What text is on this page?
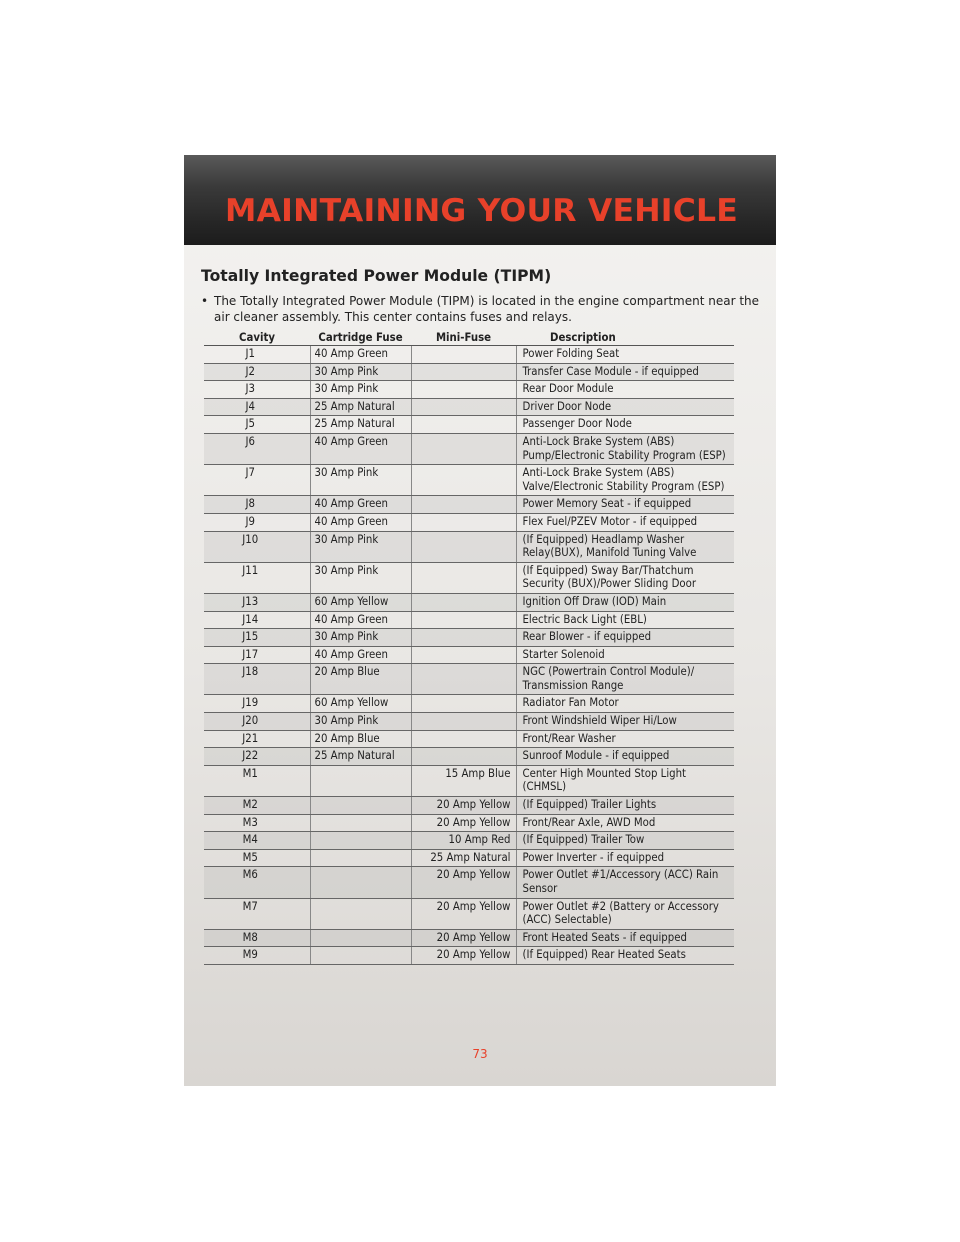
MAINTAINING YOUR VEHICLE
Totally Integrated Power Module (TIPM)
• The Totally Integrated Power Module (TIPM) is located in the engine compartment near the air cleaner assembly. This center contains fuses and relays.
Cavity	Cartridge Fuse	Mini-Fuse	Description
J1	40 Amp Green		Power Folding Seat
J2	30 Amp Pink		Transfer Case Module - if equipped
J3	30 Amp Pink		Rear Door Module
J4	25 Amp Natural		Driver Door Node
J5	25 Amp Natural		Passenger Door Node
J6	40 Amp Green		Anti-Lock Brake System (ABS) Pump/Electronic Stability Program (ESP)
J7	30 Amp Pink		Anti-Lock Brake System (ABS) Valve/Electronic Stability Program (ESP)
J8	40 Amp Green		Power Memory Seat - if equipped
J9	40 Amp Green		Flex Fuel/PZEV Motor - if equipped
J10	30 Amp Pink		(If Equipped) Headlamp Washer Relay(BUX), Manifold Tuning Valve
J11	30 Amp Pink		(If Equipped) Sway Bar/Thatchum Security (BUX)/Power Sliding Door
J13	60 Amp Yellow		Ignition Off Draw (IOD) Main
J14	40 Amp Green		Electric Back Light (EBL)
J15	30 Amp Pink		Rear Blower - if equipped
J17	40 Amp Green		Starter Solenoid
J18	20 Amp Blue		NGC (Powertrain Control Module)/ Transmission Range
J19	60 Amp Yellow		Radiator Fan Motor
J20	30 Amp Pink		Front Windshield Wiper Hi/Low
J21	20 Amp Blue		Front/Rear Washer
J22	25 Amp Natural		Sunroof Module - if equipped
M1		15 Amp Blue	Center High Mounted Stop Light (CHMSL)
M2		20 Amp Yellow	(If Equipped) Trailer Lights
M3		20 Amp Yellow	Front/Rear Axle, AWD Mod
M4		10 Amp Red	(If Equipped) Trailer Tow
M5		25 Amp Natural	Power Inverter - if equipped
M6		20 Amp Yellow	Power Outlet #1/Accessory (ACC) Rain Sensor
M7		20 Amp Yellow	Power Outlet #2 (Battery or Accessory (ACC) Selectable)
M8		20 Amp Yellow	Front Heated Seats - if equipped
M9		20 Amp Yellow	(If Equipped) Rear Heated Seats
73
